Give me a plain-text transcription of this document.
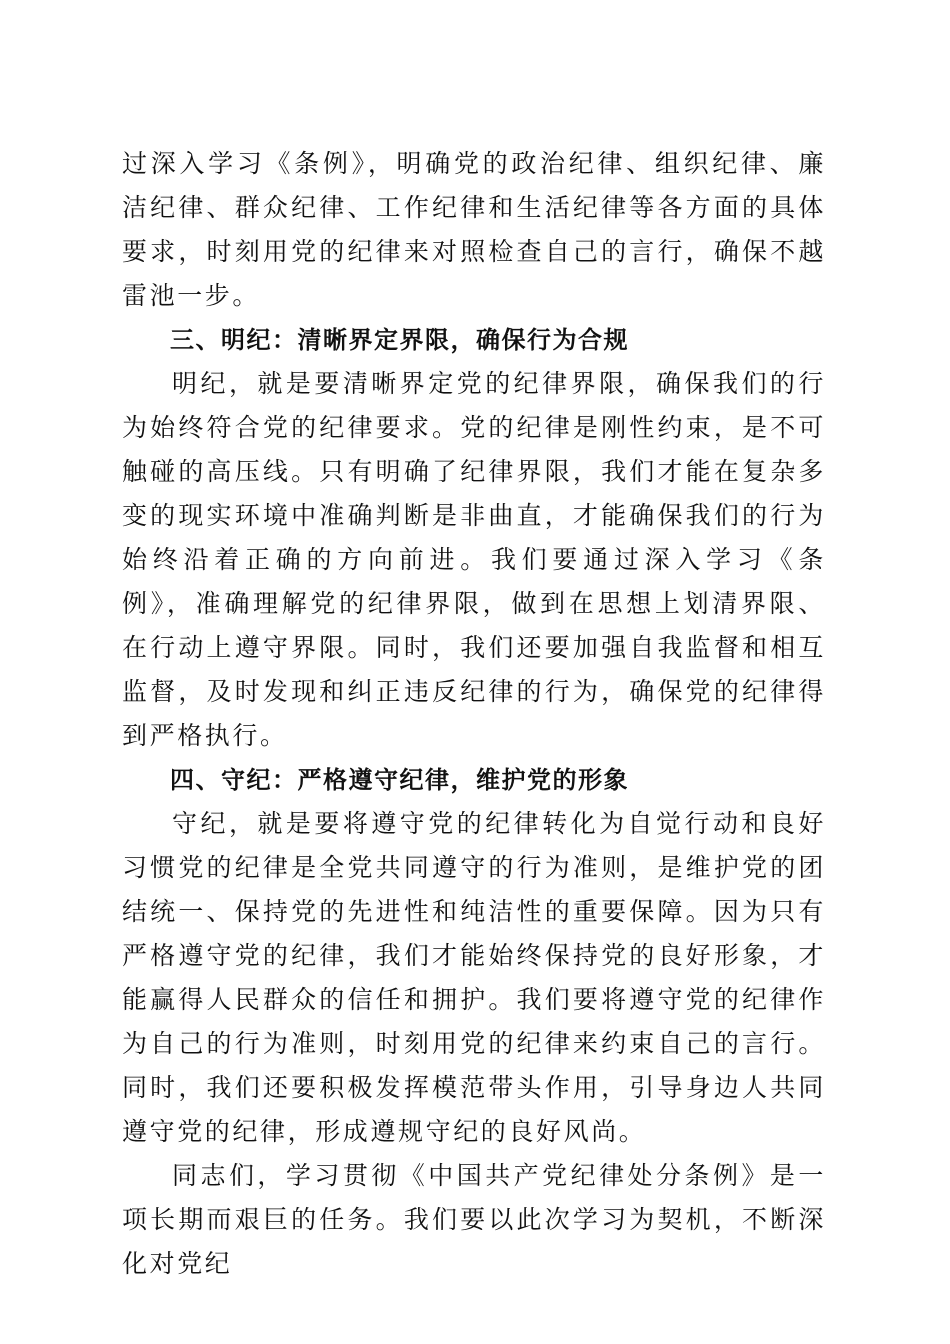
过深入学习《条例》，明确党的政治纪律、组织纪律、廉洁纪律、群众纪律、工作纪律和生活纪律等各方面的具体要求，时刻用党的纪律来对照检查自己的言行，确保不越雷池一步。

三、明纪：清晰界定界限，确保行为合规

明纪，就是要清晰界定党的纪律界限，确保我们的行为始终符合党的纪律要求。党的纪律是刚性约束，是不可触碰的高压线。只有明确了纪律界限，我们才能在复杂多变的现实环境中准确判断是非曲直，才能确保我们的行为始终沿着正确的方向前进。我们要通过深入学习《条例》，准确理解党的纪律界限，做到在思想上划清界限、在行动上遵守界限。同时，我们还要加强自我监督和相互监督，及时发现和纠正违反纪律的行为，确保党的纪律得到严格执行。

四、守纪：严格遵守纪律，维护党的形象

守纪，就是要将遵守党的纪律转化为自觉行动和良好习惯党的纪律是全党共同遵守的行为准则，是维护党的团结统一、保持党的先进性和纯洁性的重要保障。因为只有严格遵守党的纪律，我们才能始终保持党的良好形象，才能赢得人民群众的信任和拥护。我们要将遵守党的纪律作为自己的行为准则，时刻用党的纪律来约束自己的言行。同时，我们还要积极发挥模范带头作用，引导身边人共同遵守党的纪律，形成遵规守纪的良好风尚。

同志们，学习贯彻《中国共产党纪律处分条例》是一项长期而艰巨的任务。我们要以此次学习为契机，不断深化对党纪
